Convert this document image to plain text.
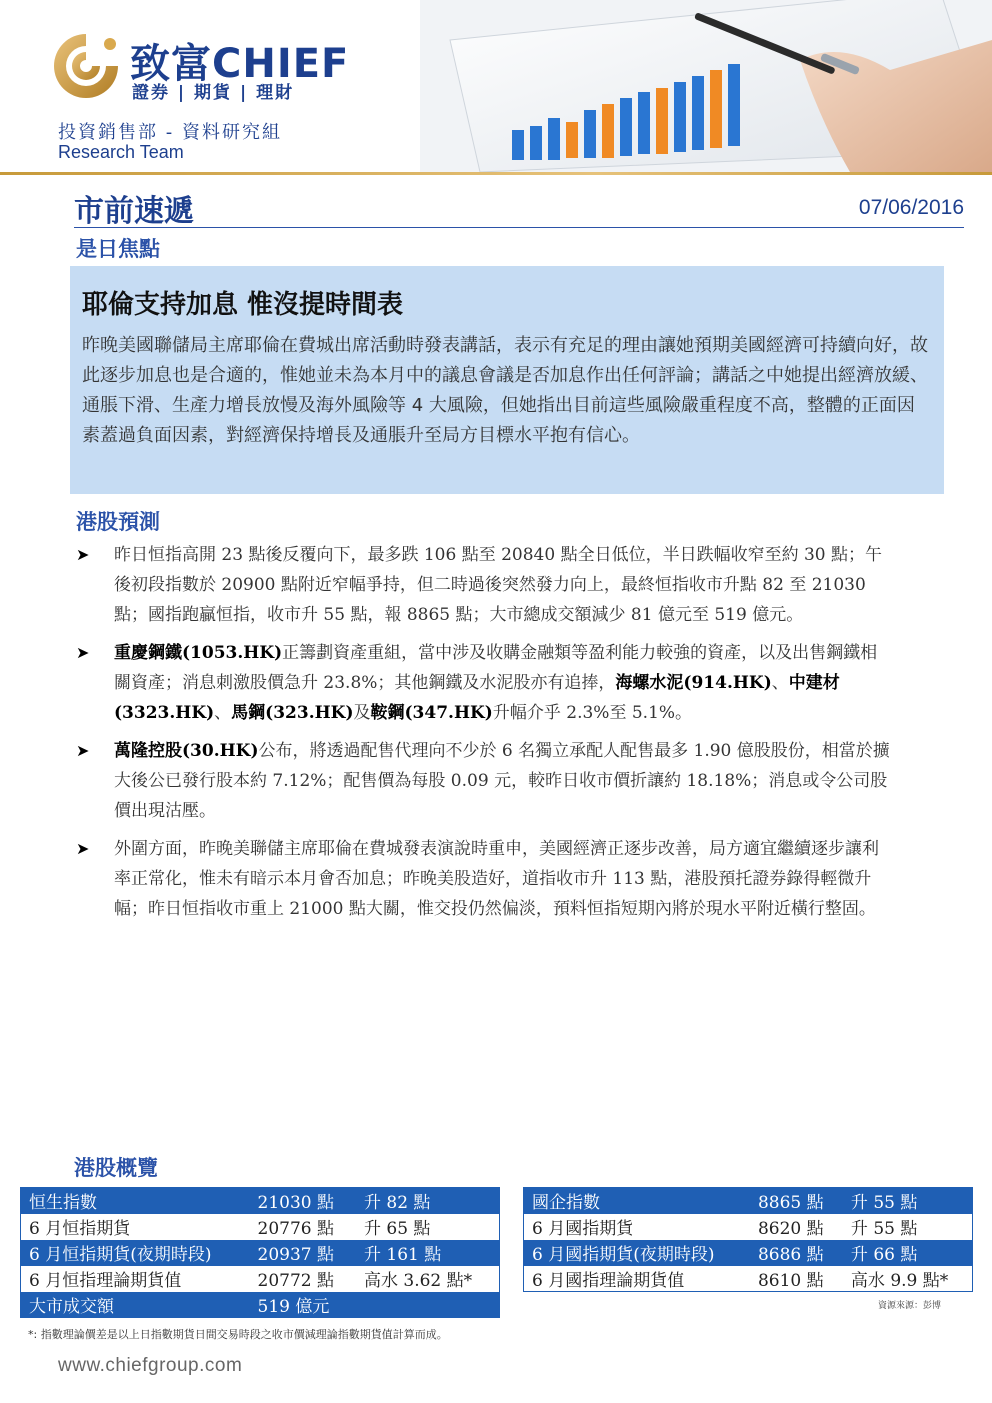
致富CHIEF
證券 | 期貨 | 理財
投資銷售部 - 資料研究組
Research Team
市前速遞	07/06/2016
是日焦點
耶倫支持加息 惟沒提時間表
昨晚美國聯儲局主席耶倫在費城出席活動時發表講話，表示有充足的理由讓她預期美國經濟可持續向好，故此逐步加息也是合適的，惟她並未為本月中的議息會議是否加息作出任何評論；講話之中她提出經濟放緩、通脹下滑、生產力增長放慢及海外風險等 4 大風險，但她指出目前這些風險嚴重程度不高，整體的正面因素蓋過負面因素，對經濟保持增長及通脹升至局方目標水平抱有信心。
港股預測
➤ 昨日恒指高開 23 點後反覆向下，最多跌 106 點至 20840 點全日低位，半日跌幅收窄至約 30 點；午後初段指數於 20900 點附近窄幅爭持，但二時過後突然發力向上，最終恒指收市升點 82 至 21030 點；國指跑贏恒指，收市升 55 點，報 8865 點；大市總成交額減少 81 億元至 519 億元。
➤ 重慶鋼鐵(1053.HK)正籌劃資產重組，當中涉及收購金融類等盈利能力較強的資產，以及出售鋼鐵相關資產；消息刺激股價急升 23.8%；其他鋼鐵及水泥股亦有追捧，海螺水泥(914.HK)、中建材(3323.HK)、馬鋼(323.HK)及鞍鋼(347.HK)升幅介乎 2.3%至 5.1%。
➤ 萬隆控股(30.HK)公布，將透過配售代理向不少於 6 名獨立承配人配售最多 1.90 億股股份，相當於擴大後公已發行股本約 7.12%；配售價為每股 0.09 元，較昨日收市價折讓約 18.18%；消息或令公司股價出現沽壓。
➤ 外圍方面，昨晚美聯儲主席耶倫在費城發表演說時重申，美國經濟正逐步改善，局方適宜繼續逐步讓利率正常化，惟未有暗示本月會否加息；昨晚美股造好，道指收市升 113 點，港股預托證券錄得輕微升幅；昨日恒指收市重上 21000 點大關，惟交投仍然偏淡，預料恒指短期內將於現水平附近橫行整固。
港股概覽
恒生指數	21030 點	升 82 點
6 月恒指期貨	20776 點	升 65 點
6 月恒指期貨(夜期時段)	20937 點	升 161 點
6 月恒指理論期貨值	20772 點	高水 3.62 點*
大市成交額	519 億元	
國企指數	8865 點	升 55 點
6 月國指期貨	8620 點	升 55 點
6 月國指期貨(夜期時段)	8686 點	升 66 點
6 月國指理論期貨值	8610 點	高水 9.9 點*
資源來源：彭博
*: 指數理論價差是以上日指數期貨日間交易時段之收市價減理論指數期貨值計算而成。
www.chiefgroup.com
